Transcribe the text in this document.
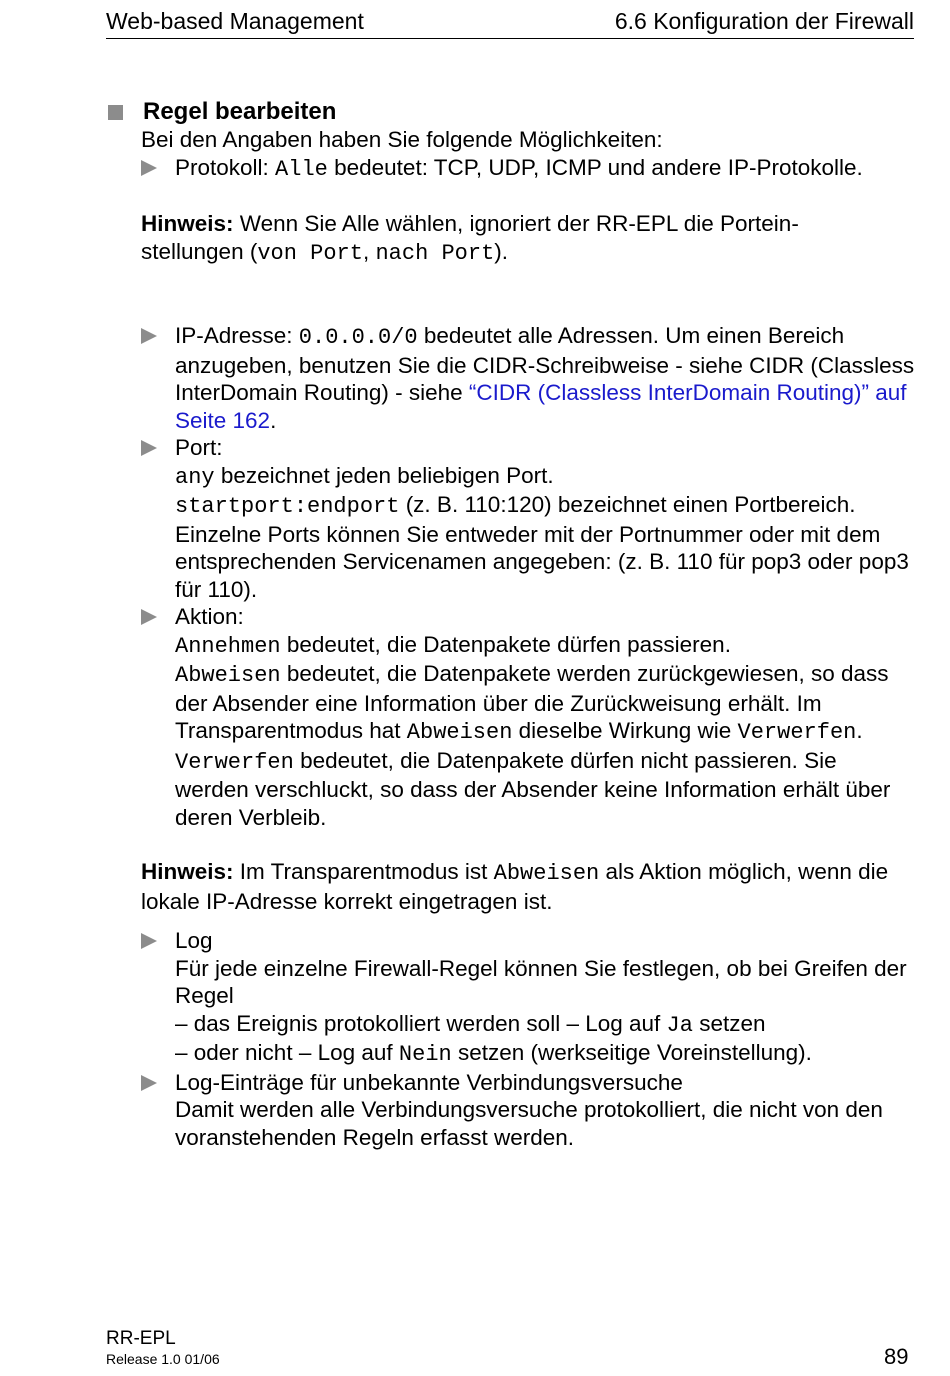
Web-based Management	6.6 Konfiguration der Firewall
Regel bearbeiten
Bei den Angaben haben Sie folgende Möglichkeiten:
Protokoll: Alle bedeutet: TCP, UDP, ICMP und andere IP-Protokolle.
Hinweis: Wenn Sie Alle wählen, ignoriert der RR-EPL die Portein-
stellungen (von Port, nach Port).
IP-Adresse: 0.0.0.0/0 bedeutet alle Adressen. Um einen Bereich anzugeben, benutzen Sie die CIDR-Schreibweise - siehe CIDR (Classless InterDomain Routing) - siehe “CIDR (Classless InterDomain Routing)” auf Seite 162.
Port:
any bezeichnet jeden beliebigen Port.
startport:endport (z. B. 110:120) bezeichnet einen Portbereich.
Einzelne Ports können Sie entweder mit der Portnummer oder mit dem entsprechenden Servicenamen angegeben: (z. B. 110 für pop3 oder pop3 für 110).
Aktion:
Annehmen bedeutet, die Datenpakete dürfen passieren.
Abweisen bedeutet, die Datenpakete werden zurückgewiesen, so dass der Absender eine Information über die Zurückweisung erhält. Im Transparentmodus hat Abweisen dieselbe Wirkung wie Verwerfen.
Verwerfen bedeutet, die Datenpakete dürfen nicht passieren. Sie werden verschluckt, so dass der Absender keine Information erhält über deren Verbleib.
Hinweis: Im Transparentmodus ist Abweisen als Aktion möglich, wenn die lokale IP-Adresse korrekt eingetragen ist.
Log
Für jede einzelne Firewall-Regel können Sie festlegen, ob bei Greifen der Regel
– das Ereignis protokolliert werden soll – Log auf Ja setzen
– oder nicht – Log auf Nein setzen (werkseitige Voreinstellung).
Log-Einträge für unbekannte Verbindungsversuche
Damit werden alle Verbindungsversuche protokolliert, die nicht von den voranstehenden Regeln erfasst werden.
RR-EPL
Release 1.0 01/06	89
